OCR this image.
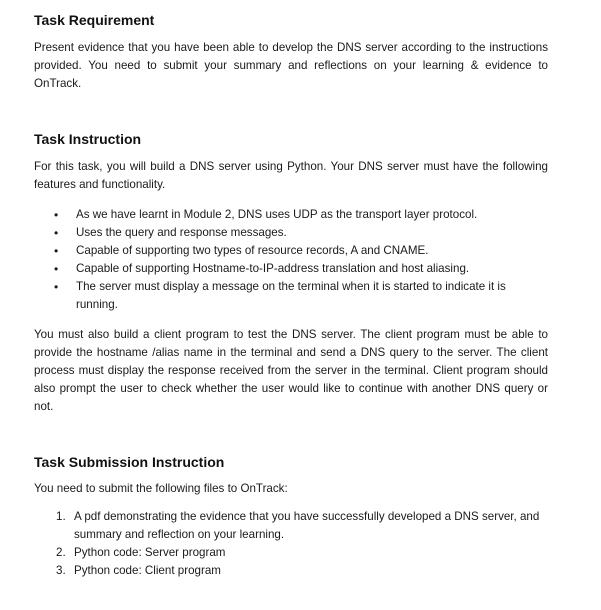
Task Requirement

Present evidence that you have been able to develop the DNS server according to the instructions provided. You need to submit your summary and reflections on your learning & evidence to OnTrack.

Task Instruction

For this task, you will build a DNS server using Python. Your DNS server must have the following features and functionality.

• As we have learnt in Module 2, DNS uses UDP as the transport layer protocol.
• Uses the query and response messages.
• Capable of supporting two types of resource records, A and CNAME.
• Capable of supporting Hostname-to-IP-address translation and host aliasing.
• The server must display a message on the terminal when it is started to indicate it is running.

You must also build a client program to test the DNS server. The client program must be able to provide the hostname /alias name in the terminal and send a DNS query to the server. The client process must display the response received from the server in the terminal. Client program should also prompt the user to check whether the user would like to continue with another DNS query or not.

Task Submission Instruction

You need to submit the following files to OnTrack:

1. A pdf demonstrating the evidence that you have successfully developed a DNS server, and summary and reflection on your learning.
2. Python code: Server program
3. Python code: Client program
